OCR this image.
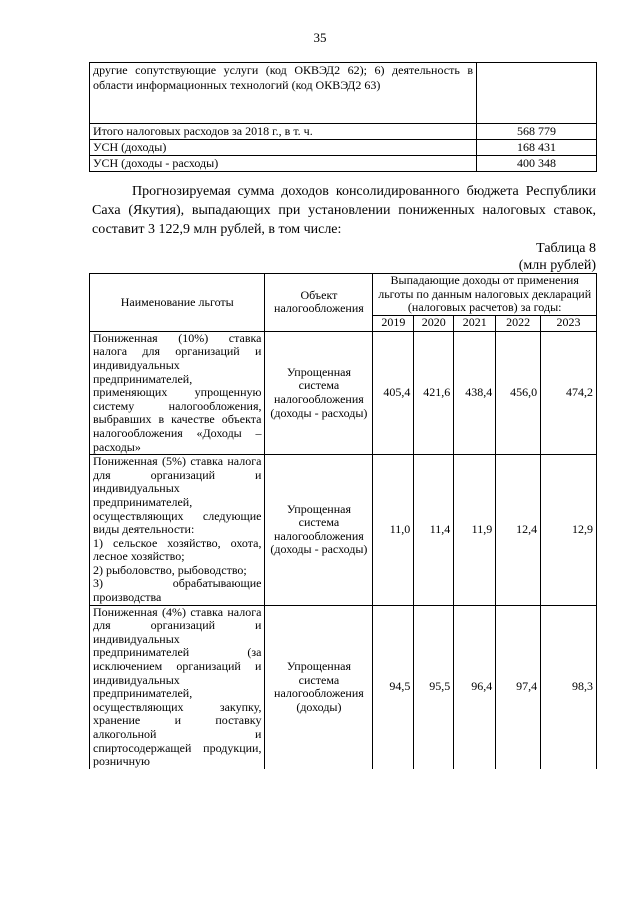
35
другие сопутствующие услуги (код ОКВЭД2 62); 6) деятельность в области информационных технологий (код ОКВЭД2 63)	
Итого налоговых расходов за 2018 г., в т. ч.	568 779
УСН (доходы)	168 431
УСН (доходы - расходы)	400 348
Прогнозируемая сумма доходов консолидированного бюджета Республики Саха (Якутия), выпадающих при установлении пониженных налоговых ставок, составит 3 122,9 млн рублей, в том числе:
Таблица 8
(млн рублей)
Наименование льготы	Объект налогообложения	Выпадающие доходы от применения льготы по данным налоговых деклараций (налоговых расчетов) за годы:				
		2019	2020	2021	2022	2023
Пониженная (10%) ставка налога для организаций и индивидуальных предпринимателей, применяющих упрощенную систему налогообложения, выбравших в качестве объекта налогообложения «Доходы – расходы»	Упрощенная система налогообложения (доходы - расходы)	405,4	421,6	438,4	456,0	474,2

Пониженная (5%) ставка налога для организаций и индивидуальных предпринимателей, осуществляющих следующие виды деятельности:
1) сельское хозяйство, охота, лесное хозяйство;
2) рыболовство, рыбоводство;
3) обрабатывающие производства	Упрощенная система налогообложения (доходы - расходы)	11,0	11,4	11,9	12,4	12,9
Пониженная (4%) ставка налога для организаций и индивидуальных предпринимателей (за исключением организаций и индивидуальных предпринимателей, осуществляющих закупку, хранение и поставку алкогольной и спиртосодержащей продукции, розничную	Упрощенная система налогообложения (доходы)	94,5	95,5	96,4	97,4	98,3
